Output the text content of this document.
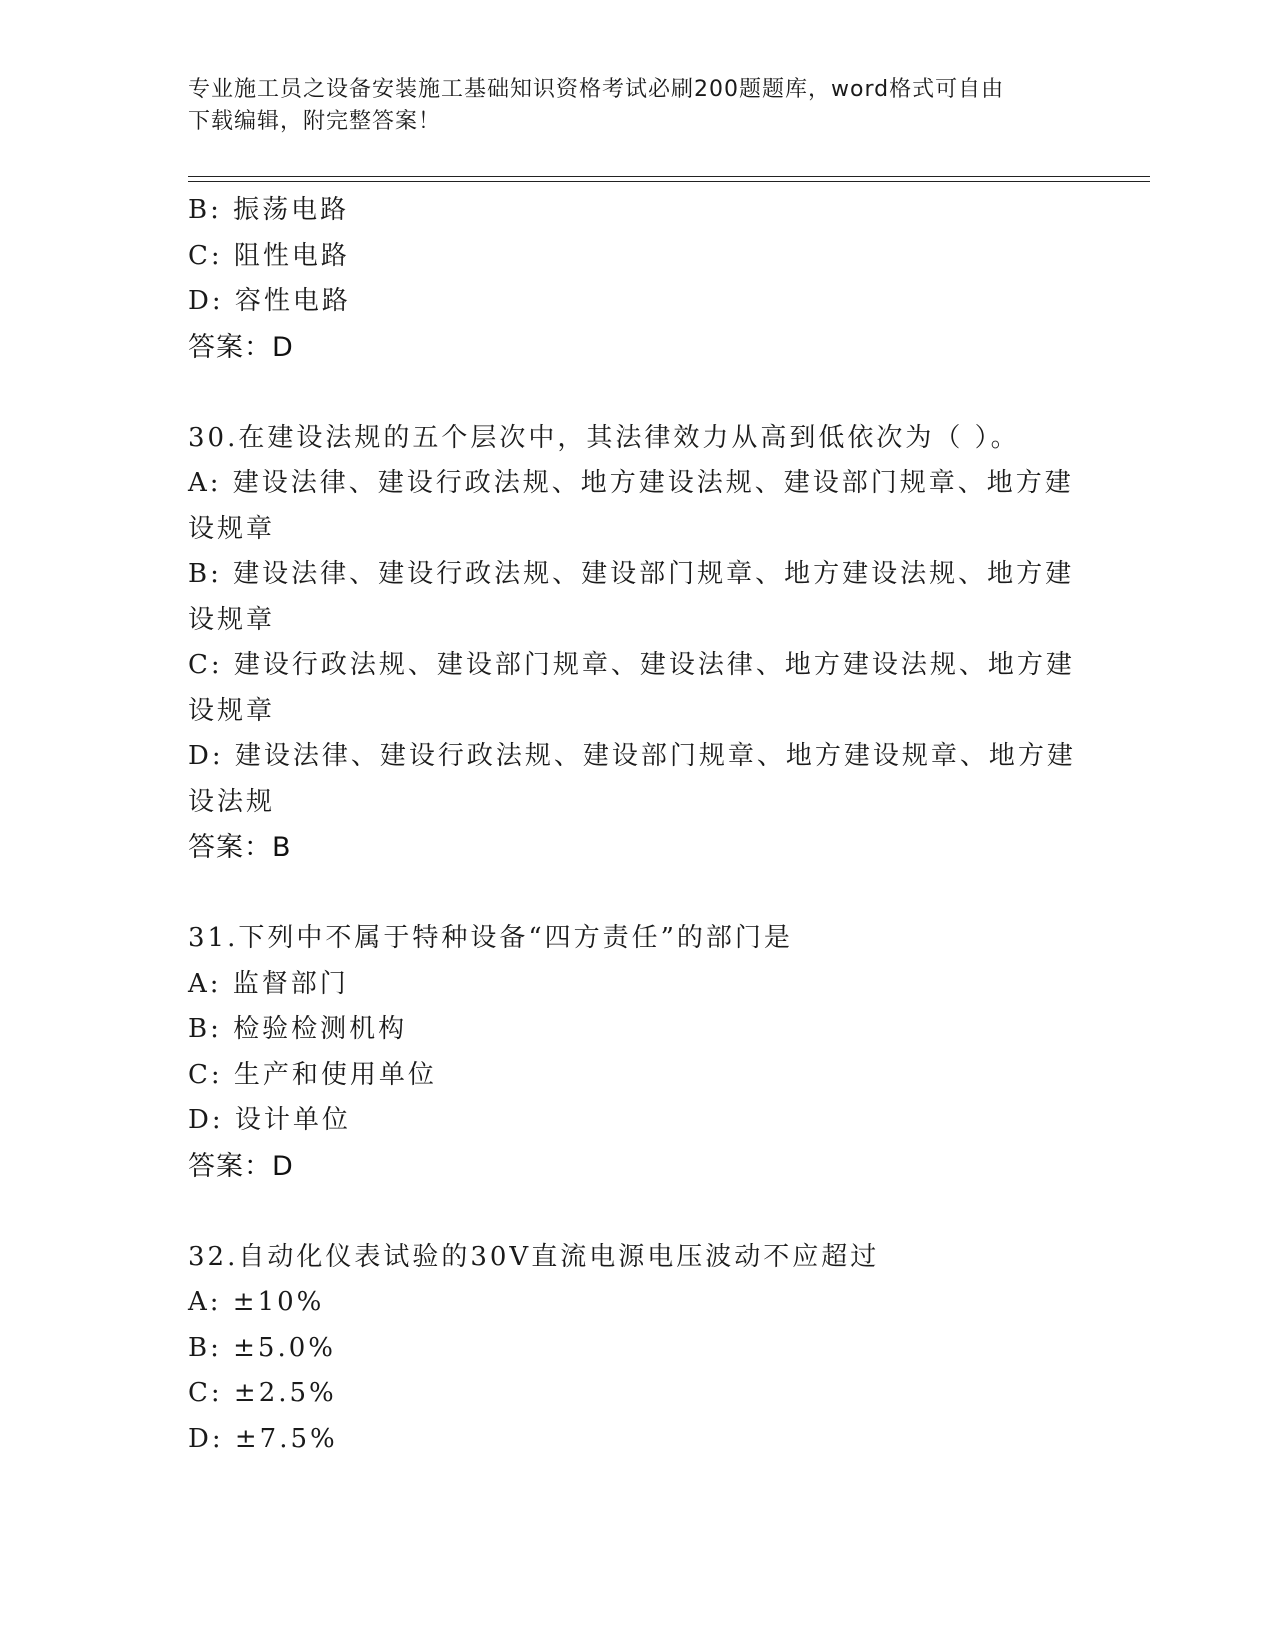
专业施工员之设备安装施工基础知识资格考试必刷200题题库，word格式可自由
下载编辑，附完整答案！
B: 振荡电路
C: 阻性电路
D: 容性电路
答案：D
30.在建设法规的五个层次中，其法律效力从高到低依次为（ ）。
A: 建设法律、建设行政法规、地方建设法规、建设部门规章、地方建
设规章
B: 建设法律、建设行政法规、建设部门规章、地方建设法规、地方建
设规章
C: 建设行政法规、建设部门规章、建设法律、地方建设法规、地方建
设规章
D: 建设法律、建设行政法规、建设部门规章、地方建设规章、地方建
设法规
答案：B
31.下列中不属于特种设备“四方责任”的部门是
A: 监督部门
B: 检验检测机构
C: 生产和使用单位
D: 设计单位
答案：D
32.自动化仪表试验的30V直流电源电压波动不应超过
A: ±10%
B: ±5.0%
C: ±2.5%
D: ±7.5%
